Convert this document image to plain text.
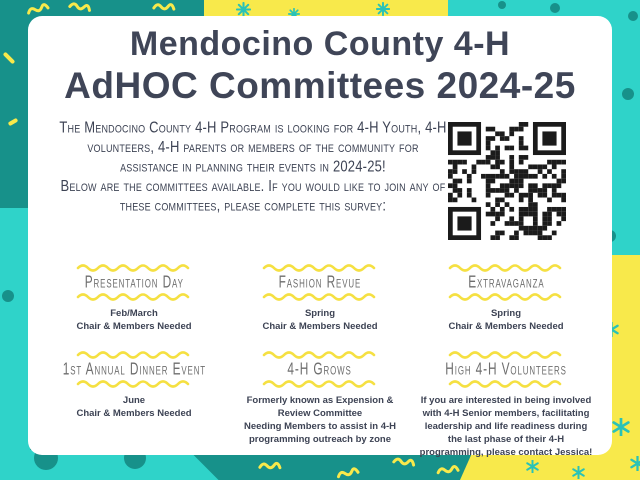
Mendocino County 4-H
AdHOC Committees 2024-25

The Mendocino County 4-H Program is looking for 4-H Youth, 4-H volunteers, 4-H parents or members of the community for assistance in planning their events in 2024-25!

Below are the committees available. If you would like to join any of these committees, please complete this survey:

Presentation Day
Feb/March
Chair & Members Needed
Fashion Revue
Spring
Chair & Members Needed
Extravaganza
Spring
Chair & Members Needed
1st Annual Dinner Event
June
Chair & Members Needed
4-H Grows
Formerly known as Expension & Review Committee
Needing Members to assist in 4-H programming outreach by zone
High 4-H Volunteers
If you are interested in being involved with 4-H Senior members, facilitating leadership and life readiness during the last phase of their 4-H programming, please contact Jessica!
